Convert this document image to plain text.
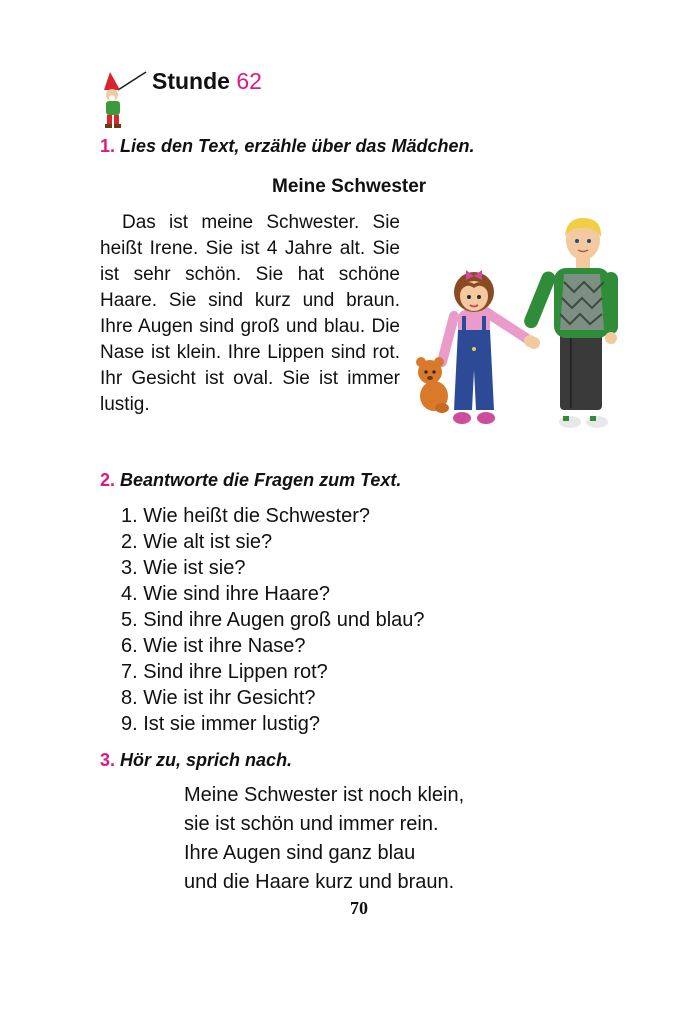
Stunde 62
1. Lies den Text, erzähle über das Mädchen.
Meine Schwester

Das ist meine Schwester. Sie heißt Irene. Sie ist 4 Jahre alt. Sie ist sehr schön. Sie hat schöne Haare. Sie sind kurz und braun. Ihre Augen sind groß und blau. Die Nase ist klein. Ihre Lippen sind rot. Ihr Gesicht ist oval. Sie ist immer lustig.

2. Beantworte die Fragen zum Text.
1. Wie heißt die Schwester?
2. Wie alt ist sie?
3. Wie ist sie?
4. Wie sind ihre Haare?
5. Sind ihre Augen groß und blau?
6. Wie ist ihre Nase?
7. Sind ihre Lippen rot?
8. Wie ist ihr Gesicht?
9. Ist sie immer lustig?
3. Hör zu, sprich nach.
Meine Schwester ist noch klein,
sie ist schön und immer rein.
Ihre Augen sind ganz blau
und die Haare kurz und braun.
70
